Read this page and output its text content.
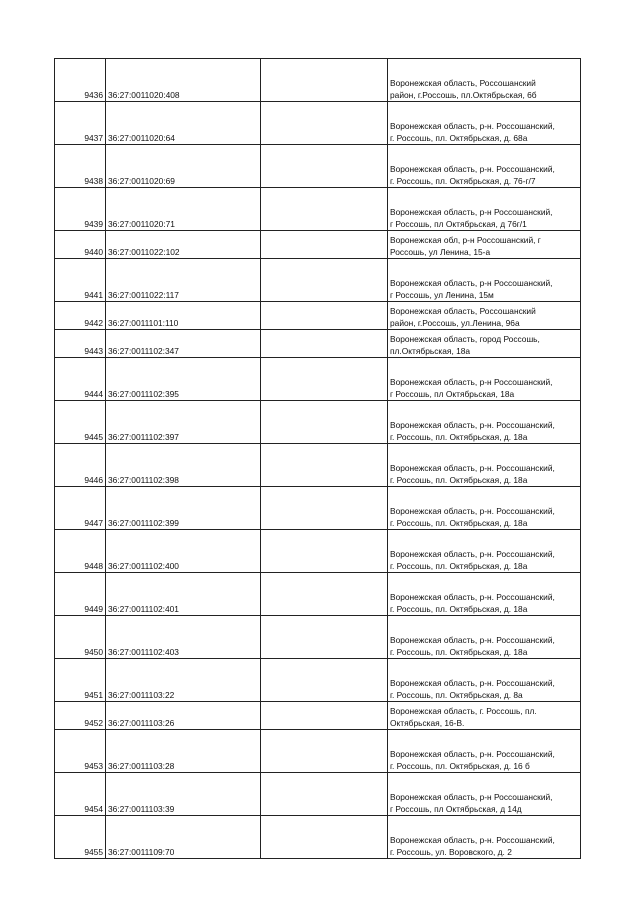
9436	36:27:0011020:408		Воронежская область, Россошанский
район, г.Россошь, пл.Октябрьская, 6б
9437	36:27:0011020:64		Воронежская область, р-н. Россошанский,
г. Россошь, пл. Октябрьская, д. 68а
9438	36:27:0011020:69		Воронежская область, р-н. Россошанский,
г. Россошь, пл. Октябрьская, д. 76-г/7
9439	36:27:0011020:71		Воронежская область, р-н Россошанский,
г Россошь, пл Октябрьская, д 76г/1
9440	36:27:0011022:102		Воронежская обл, р-н Россошанский, г
Россошь, ул Ленина, 15-а
9441	36:27:0011022:117		Воронежская область, р-н Россошанский,
г Россошь, ул Ленина, 15м
9442	36:27:0011101:110		Воронежская область, Россошанский
район, г.Россошь, ул.Ленина, 96а
9443	36:27:0011102:347		Воронежская область, город Россошь,
пл.Октябрьская, 18а
9444	36:27:0011102:395		Воронежская область, р-н Россошанский,
г Россошь, пл Октябрьская, 18а
9445	36:27:0011102:397		Воронежская область, р-н. Россошанский,
г. Россошь, пл. Октябрьская, д. 18а
9446	36:27:0011102:398		Воронежская область, р-н. Россошанский,
г. Россошь, пл. Октябрьская, д. 18а
9447	36:27:0011102:399		Воронежская область, р-н. Россошанский,
г. Россошь, пл. Октябрьская, д. 18а
9448	36:27:0011102:400		Воронежская область, р-н. Россошанский,
г. Россошь, пл. Октябрьская, д. 18а
9449	36:27:0011102:401		Воронежская область, р-н. Россошанский,
г. Россошь, пл. Октябрьская, д. 18а
9450	36:27:0011102:403		Воронежская область, р-н. Россошанский,
г. Россошь, пл. Октябрьская, д. 18а
9451	36:27:0011103:22		Воронежская область, р-н. Россошанский,
г. Россошь, пл. Октябрьская, д. 8а
9452	36:27:0011103:26		Воронежская область, г. Россошь, пл.
Октябрьская, 16-В.
9453	36:27:0011103:28		Воронежская область, р-н. Россошанский,
г. Россошь, пл. Октябрьская, д. 16 б
9454	36:27:0011103:39		Воронежская область, р-н Россошанский,
г Россошь, пл Октябрьская, д 14д
9455	36:27:0011109:70		Воронежская область, р-н. Россошанский,
г. Россошь, ул. Воровского, д. 2
